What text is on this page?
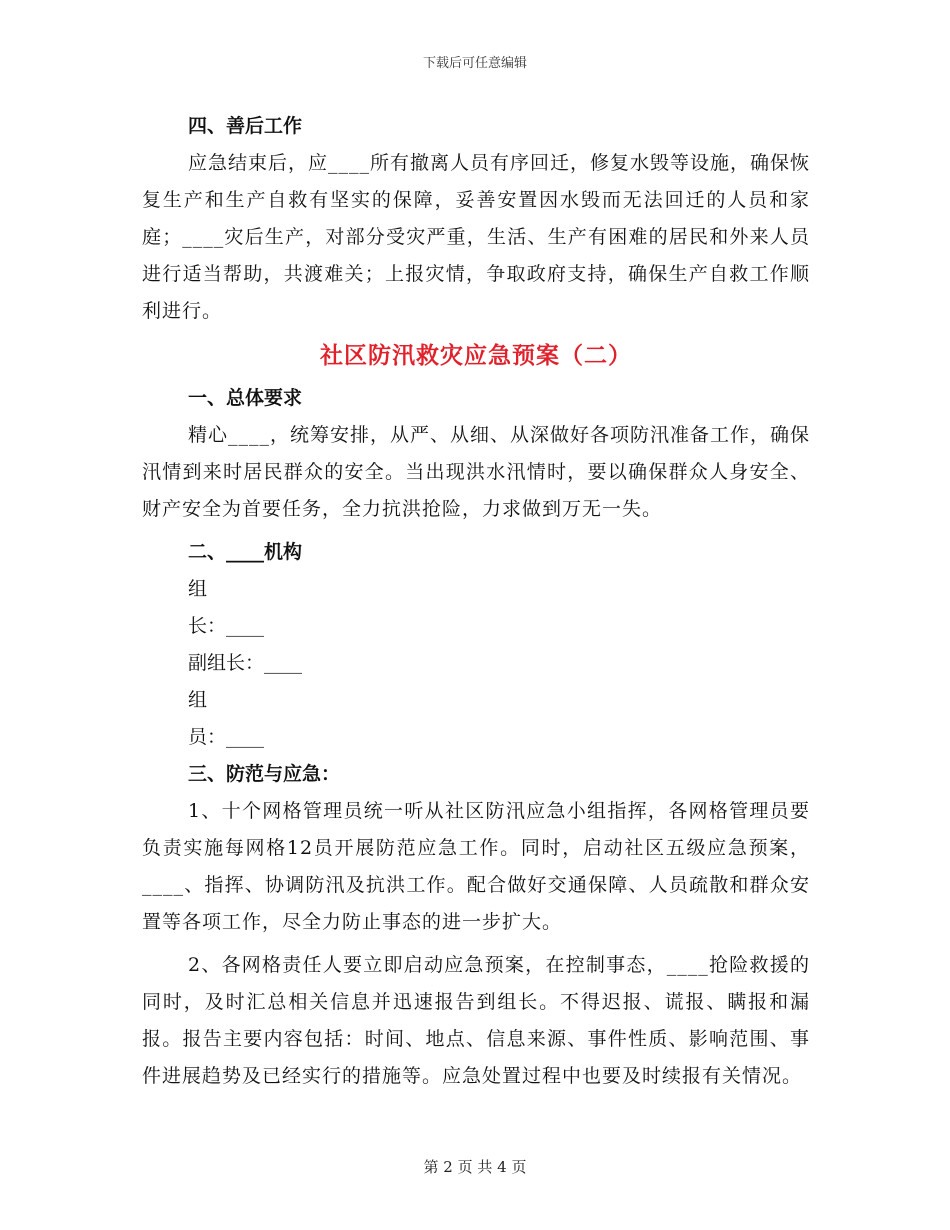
下载后可任意编辑
四、善后工作

应急结束后，应____所有撤离人员有序回迁，修复水毁等设施，确保恢复生产和生产自救有坚实的保障，妥善安置因水毁而无法回迁的人员和家庭；____灾后生产，对部分受灾严重，生活、生产有困难的居民和外来人员进行适当帮助，共渡难关；上报灾情，争取政府支持，确保生产自救工作顺利进行。

社区防汛救灾应急预案（二）
一、总体要求

精心____，统筹安排，从严、从细、从深做好各项防汛准备工作，确保汛情到来时居民群众的安全。当出现洪水汛情时，要以确保群众人身安全、财产安全为首要任务，全力抗洪抢险，力求做到万无一失。

二、____机构
组
长：____
副组长：____
组
员：____
三、防范与应急：

1、十个网格管理员统一听从社区防汛应急小组指挥，各网格管理员要负责实施每网格12员开展防范应急工作。同时，启动社区五级应急预案，____、指挥、协调防汛及抗洪工作。配合做好交通保障、人员疏散和群众安置等各项工作，尽全力防止事态的进一步扩大。

2、各网格责任人要立即启动应急预案，在控制事态，____抢险救援的同时，及时汇总相关信息并迅速报告到组长。不得迟报、谎报、瞒报和漏报。报告主要内容包括：时间、地点、信息来源、事件性质、影响范围、事件进展趋势及已经实行的措施等。应急处置过程中也要及时续报有关情况。

第 2 页 共 4 页
